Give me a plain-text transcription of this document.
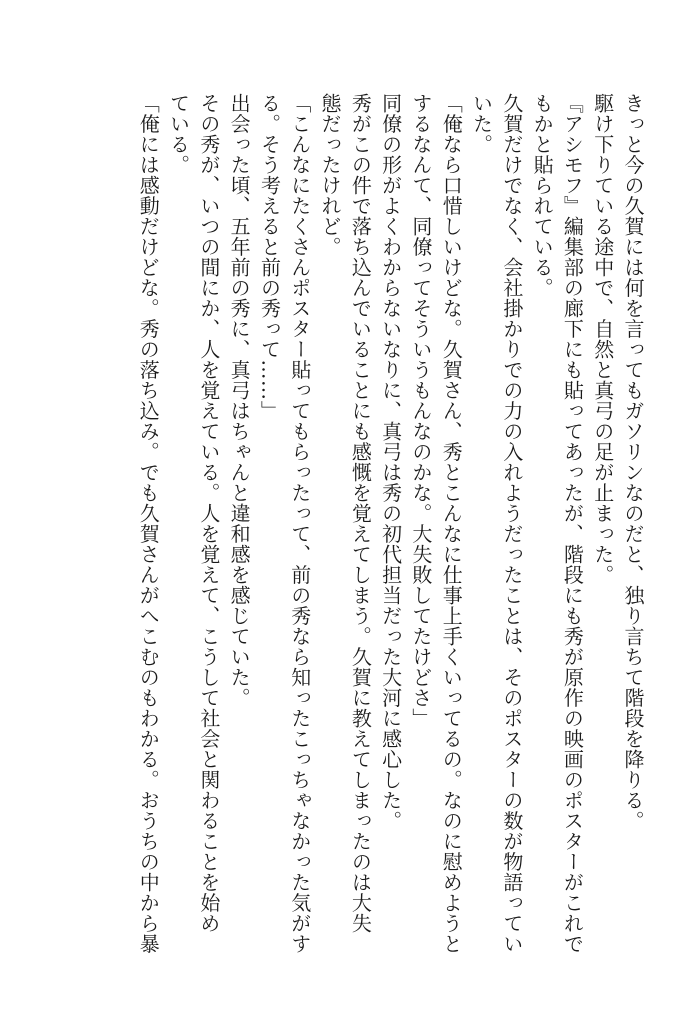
きっと今の久賀には何を言ってもガソリンなのだと、独り言ちて階段を降りる。
駆け下りている途中で、自然と真弓の足が止まった。
『アシモフ』編集部の廊下にも貼ってあったが、階段にも秀が原作の映画のポスターがこれで
もかと貼られている。
久賀だけでなく、会社掛かりでの力の入れようだったことは、そのポスターの数が物語ってい
いた。
「俺なら口惜しいけどな。久賀さん、秀とこんなに仕事上手くいってるの。なのに慰めようと
するなんて、同僚ってそういうもんなのかな。大失敗してたけどさ」
同僚の形がよくわからないなりに、真弓は秀の初代担当だった大河に感心した。
秀がこの件で落ち込んでいることにも感慨を覚えてしまう。久賀に教えてしまったのは大失
態だったけれど。
「こんなにたくさんポスター貼ってもらったって、前の秀なら知ったこっちゃなかった気がす
る。そう考えると前の秀って……」
出会った頃、五年前の秀に、真弓はちゃんと違和感を感じていた。
その秀が、いつの間にか、人を覚えている。人を覚えて、こうして社会と関わることを始め
ている。
「俺には感動だけどな。秀の落ち込み。でも久賀さんがへこむのもわかる。おうちの中から暴
